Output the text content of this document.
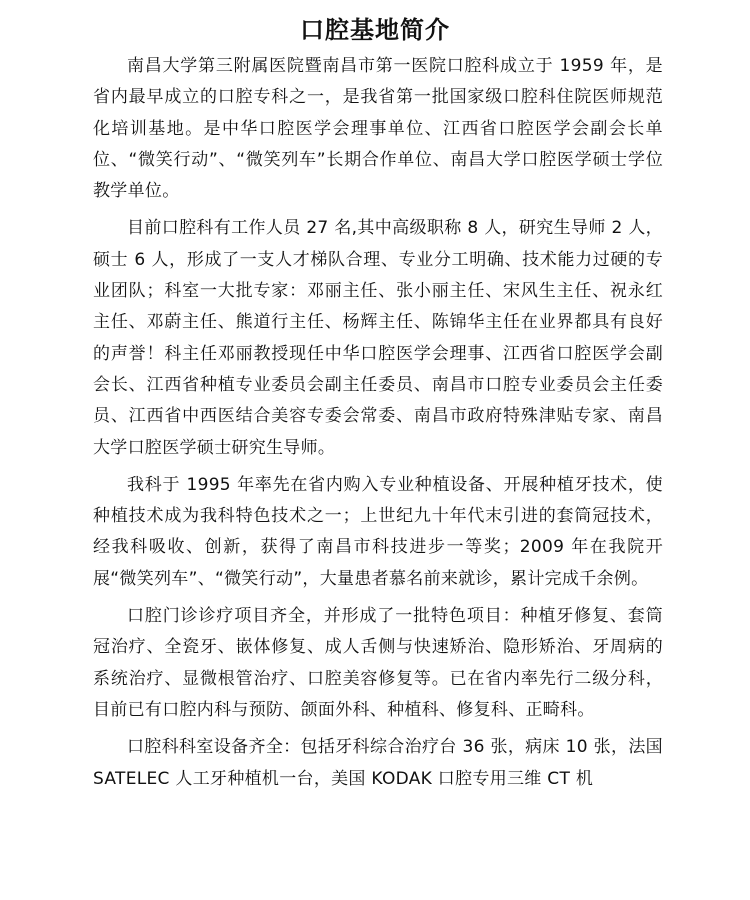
口腔基地简介

南昌大学第三附属医院暨南昌市第一医院口腔科成立于 1959 年，是省内最早成立的口腔专科之一，是我省第一批国家级口腔科住院医师规范化培训基地。是中华口腔医学会理事单位、江西省口腔医学会副会长单位、“微笑行动”、“微笑列车”长期合作单位、南昌大学口腔医学硕士学位教学单位。

目前口腔科有工作人员 27 名,其中高级职称 8 人，研究生导师 2 人，硕士 6 人，形成了一支人才梯队合理、专业分工明确、技术能力过硬的专业团队；科室一大批专家：邓丽主任、张小丽主任、宋风生主任、祝永红主任、邓蔚主任、熊道行主任、杨辉主任、陈锦华主任在业界都具有良好的声誉！科主任邓丽教授现任中华口腔医学会理事、江西省口腔医学会副会长、江西省种植专业委员会副主任委员、南昌市口腔专业委员会主任委员、江西省中西医结合美容专委会常委、南昌市政府特殊津贴专家、南昌大学口腔医学硕士研究生导师。

我科于 1995 年率先在省内购入专业种植设备、开展种植牙技术，使种植技术成为我科特色技术之一；上世纪九十年代末引进的套筒冠技术，经我科吸收、创新，获得了南昌市科技进步一等奖；2009 年在我院开展“微笑列车”、“微笑行动”，大量患者慕名前来就诊，累计完成千余例。

口腔门诊诊疗项目齐全，并形成了一批特色项目：种植牙修复、套筒冠治疗、全瓷牙、嵌体修复、成人舌侧与快速矫治、隐形矫治、牙周病的系统治疗、显微根管治疗、口腔美容修复等。已在省内率先行二级分科，目前已有口腔内科与预防、颌面外科、种植科、修复科、正畸科。

口腔科科室设备齐全：包括牙科综合治疗台 36 张，病床 10 张，法国 SATELEC 人工牙种植机一台，美国 KODAK 口腔专用三维 CT 机
